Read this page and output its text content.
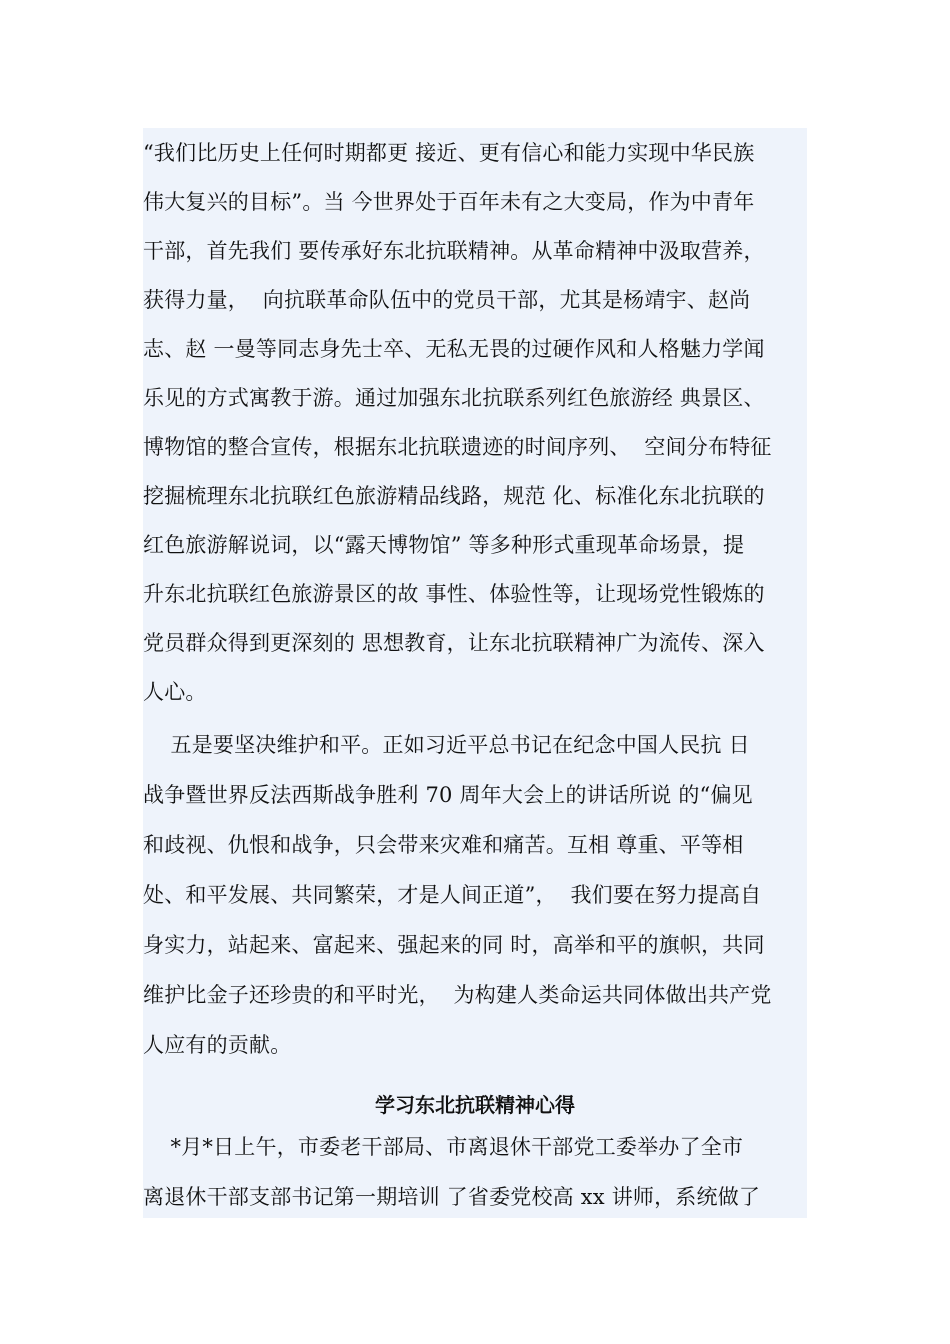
“我们比历史上任何时期都更 接近、更有信心和能力实现中华民族
伟大复兴的目标”。当 今世界处于百年未有之大变局，作为中青年
干部，首先我们 要传承好东北抗联精神。从革命精神中汲取营养，
获得力量，  向抗联革命队伍中的党员干部，尤其是杨靖宇、赵尚
志、赵 一曼等同志身先士卒、无私无畏的过硬作风和人格魅力学闻
乐见的方式寓教于游。通过加强东北抗联系列红色旅游经 典景区、
博物馆的整合宣传，根据东北抗联遗迹的时间序列、  空间分布特征
挖掘梳理东北抗联红色旅游精品线路，规范 化、标准化东北抗联的
红色旅游解说词，以“露天博物馆” 等多种形式重现革命场景，提
升东北抗联红色旅游景区的故 事性、体验性等，让现场党性锻炼的
党员群众得到更深刻的 思想教育，让东北抗联精神广为流传、深入
人心。
五是要坚决维护和平。正如习近平总书记在纪念中国人民抗 日
战争暨世界反法西斯战争胜利 70 周年大会上的讲话所说 的“偏见
和歧视、仇恨和战争，只会带来灾难和痛苦。互相 尊重、平等相
处、和平发展、共同繁荣，才是人间正道”，  我们要在努力提高自
身实力，站起来、富起来、强起来的同 时，高举和平的旗帜，共同
维护比金子还珍贵的和平时光，  为构建人类命运共同体做出共产党
人应有的贡献。
学习东北抗联精神心得
*月*日上午，市委老干部局、市离退休干部党工委举办了全市
离退休干部支部书记第一期培训 了省委党校高 xx 讲师，系统做了
